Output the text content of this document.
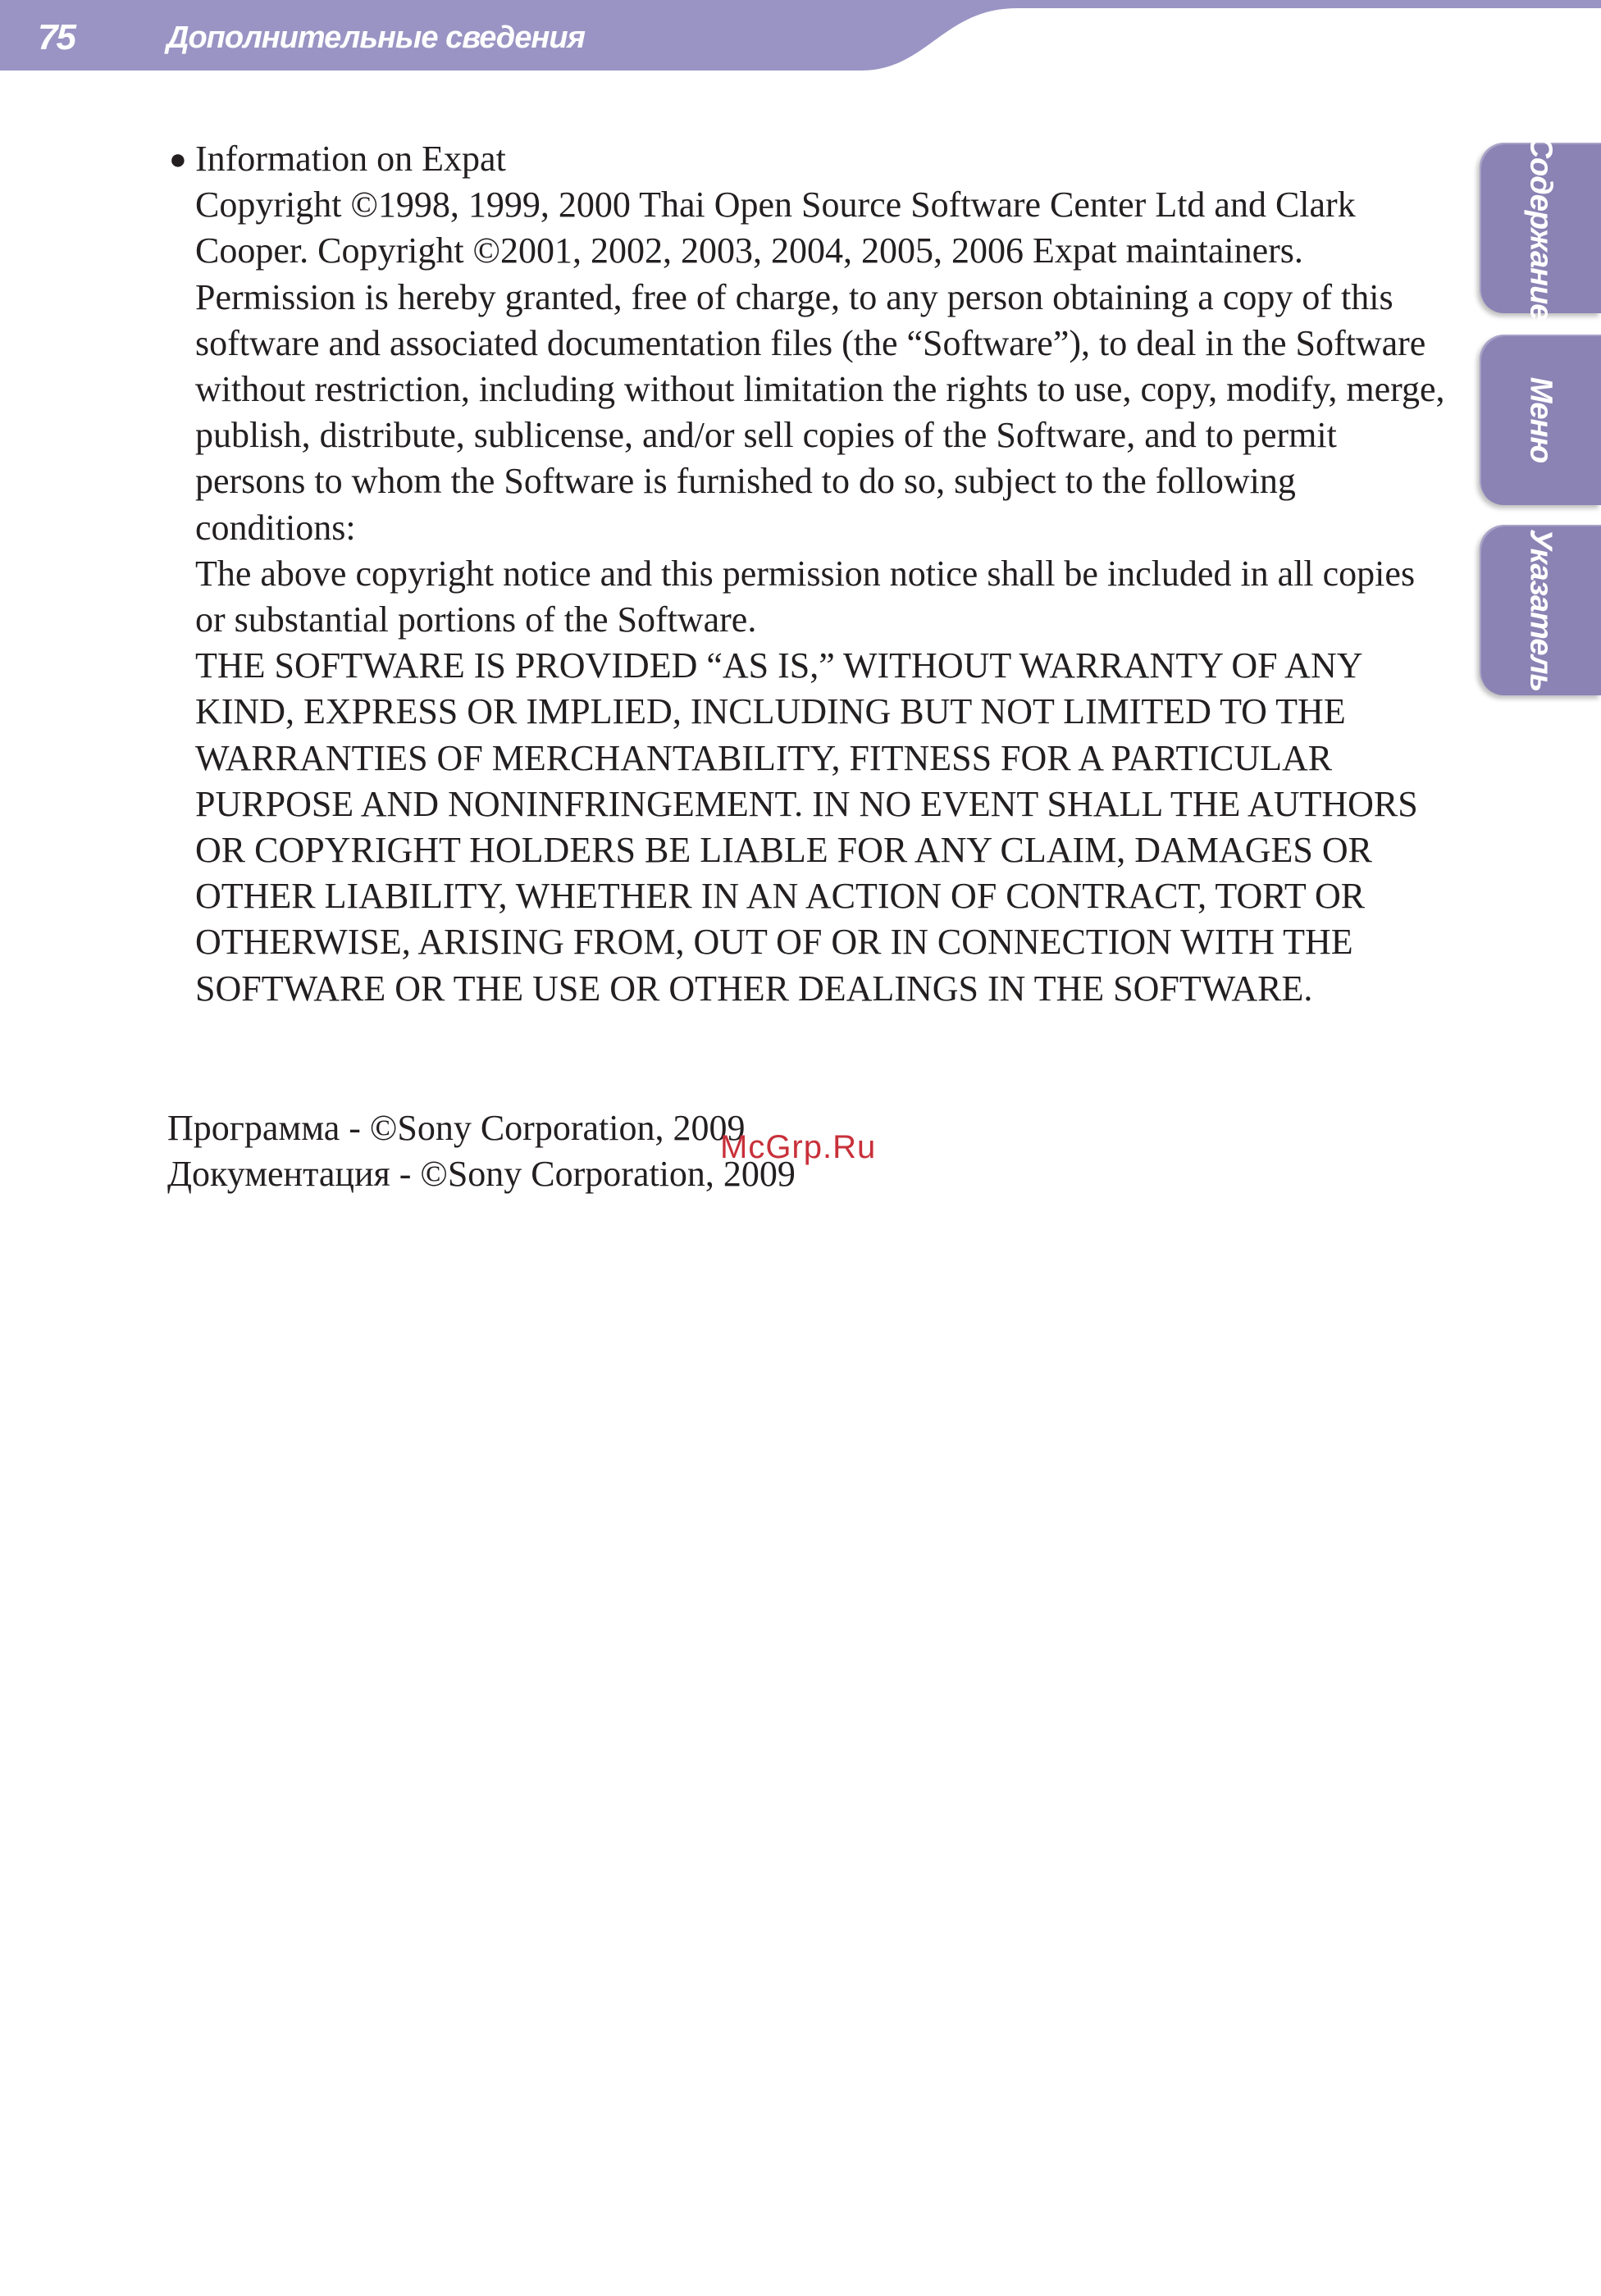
75	Дополнительные сведения
Содержание
Меню
Указатель
● Information on Expat
Copyright ©1998, 1999, 2000 Thai Open Source Software Center Ltd and Clark Cooper. Copyright ©2001, 2002, 2003, 2004, 2005, 2006 Expat maintainers. Permission is hereby granted, free of charge, to any person obtaining a copy of this software and associated documentation files (the “Software”), to deal in the Software without restriction, including without limitation the rights to use, copy, modify, merge, publish, distribute, sublicense, and/or sell copies of the Software, and to permit persons to whom the Software is furnished to do so, subject to the following conditions:
The above copyright notice and this permission notice shall be included in all copies or substantial portions of the Software.
THE SOFTWARE IS PROVIDED “AS IS,” WITHOUT WARRANTY OF ANY KIND, EXPRESS OR IMPLIED, INCLUDING BUT NOT LIMITED TO THE WARRANTIES OF MERCHANTABILITY, FITNESS FOR A PARTICULAR PURPOSE AND NONINFRINGEMENT. IN NO EVENT SHALL THE AUTHORS OR COPYRIGHT HOLDERS BE LIABLE FOR ANY CLAIM, DAMAGES OR OTHER LIABILITY, WHETHER IN AN ACTION OF CONTRACT, TORT OR OTHERWISE, ARISING FROM, OUT OF OR IN CONNECTION WITH THE SOFTWARE OR THE USE OR OTHER DEALINGS IN THE SOFTWARE.
Программа - ©Sony Corporation, 2009
Документация - ©Sony Corporation, 2009
McGrp.Ru
